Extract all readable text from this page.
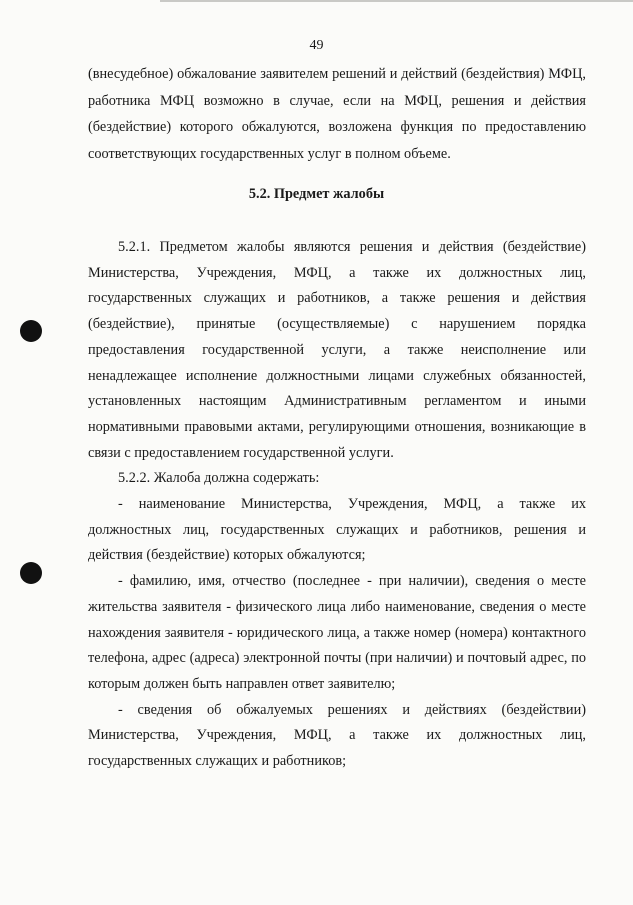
49

(внесудебное) обжалование заявителем решений и действий (бездействия) МФЦ, работника МФЦ возможно в случае, если на МФЦ, решения и действия (бездействие) которого обжалуются, возложена функция по предоставлению соответствующих государственных услуг в полном объеме.

5.2. Предмет жалобы

5.2.1. Предметом жалобы являются решения и действия (бездействие) Министерства, Учреждения, МФЦ, а также их должностных лиц, государственных служащих и работников, а также решения и действия (бездействие), принятые (осуществляемые) с нарушением порядка предоставления государственной услуги, а также неисполнение или ненадлежащее исполнение должностными лицами служебных обязанностей, установленных настоящим Административным регламентом и иными нормативными правовыми актами, регулирующими отношения, возникающие в связи с предоставлением государственной услуги.

5.2.2. Жалоба должна содержать:

- наименование Министерства, Учреждения, МФЦ, а также их должностных лиц, государственных служащих и работников, решения и действия (бездействие) которых обжалуются;

- фамилию, имя, отчество (последнее - при наличии), сведения о месте жительства заявителя - физического лица либо наименование, сведения о месте нахождения заявителя - юридического лица, а также номер (номера) контактного телефона, адрес (адреса) электронной почты (при наличии) и почтовый адрес, по которым должен быть направлен ответ заявителю;

- сведения об обжалуемых решениях и действиях (бездействии) Министерства, Учреждения, МФЦ, а также их должностных лиц, государственных служащих и работников;
